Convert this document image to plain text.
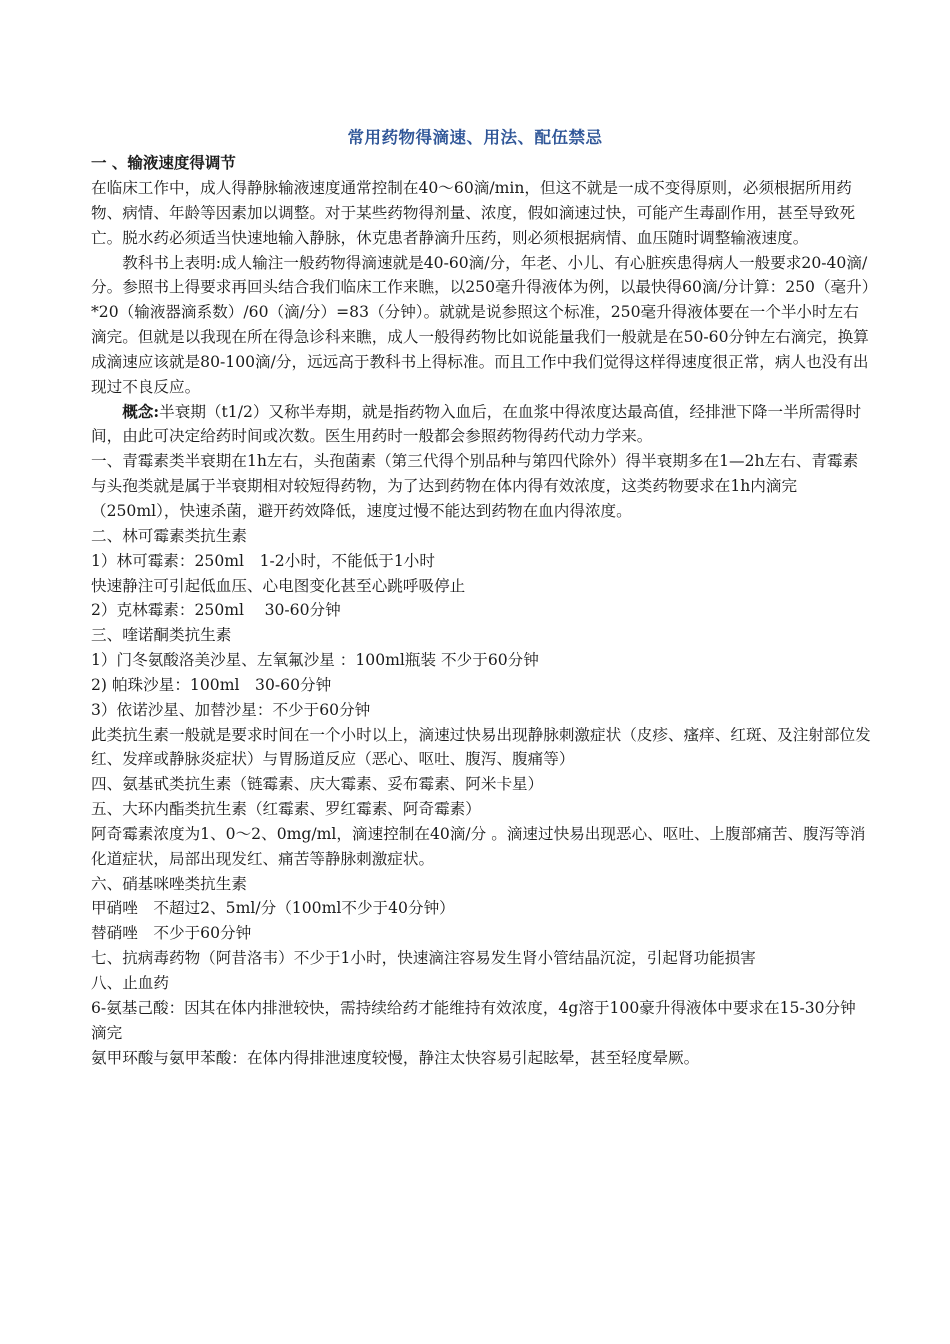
常用药物得滴速、用法、配伍禁忌
一 、输液速度得调节

在临床工作中，成人得静脉输液速度通常控制在40～60滴/min，但这不就是一成不变得原则，必须根据所用药物、病情、年龄等因素加以调整。对于某些药物得剂量、浓度，假如滴速过快，可能产生毒副作用，甚至导致死亡。脱水药必须适当快速地输入静脉，休克患者静滴升压药，则必须根据病情、血压随时调整输液速度。

教科书上表明:成人输注一般药物得滴速就是40-60滴/分，年老、小儿、有心脏疾患得病人一般要求20-40滴/分。参照书上得要求再回头结合我们临床工作来瞧，以250毫升得液体为例，以最快得60滴/分计算：250（毫升）*20（输液器滴系数）/60（滴/分）=83（分钟）。就就是说参照这个标准，250毫升得液体要在一个半小时左右滴完。但就是以我现在所在得急诊科来瞧，成人一般得药物比如说能量我们一般就是在50-60分钟左右滴完，换算成滴速应该就是80-100滴/分，远远高于教科书上得标准。而且工作中我们觉得这样得速度很正常，病人也没有出现过不良反应。

概念:半衰期（t1/2）又称半寿期，就是指药物入血后，在血浆中得浓度达最高值，经排泄下降一半所需得时间，由此可决定给药时间或次数。医生用药时一般都会参照药物得药代动力学来。

一、青霉素类半衰期在1h左右，头孢菌素（第三代得个别品种与第四代除外）得半衰期多在1—2h左右、青霉素与头孢类就是属于半衰期相对较短得药物，为了达到药物在体内得有效浓度，这类药物要求在1h内滴完（250ml），快速杀菌，避开药效降低，速度过慢不能达到药物在血内得浓度。

二、林可霉素类抗生素

1）林可霉素：250ml　1-2小时，不能低于1小时

快速静注可引起低血压、心电图变化甚至心跳呼吸停止

2）克林霉素：250ml　 30-60分钟

三、喹诺酮类抗生素

1）门冬氨酸洛美沙星、左氧氟沙星 ：100ml瓶装 不少于60分钟

2) 帕珠沙星：100ml　30-60分钟

3）依诺沙星、加替沙星：不少于60分钟

此类抗生素一般就是要求时间在一个小时以上，滴速过快易出现静脉刺激症状（皮疹、瘙痒、红斑、及注射部位发红、发痒或静脉炎症状）与胃肠道反应（恶心、呕吐、腹泻、腹痛等）

四、氨基甙类抗生素（链霉素、庆大霉素、妥布霉素、阿米卡星）

五、大环内酯类抗生素（红霉素、罗红霉素、阿奇霉素）

阿奇霉素浓度为1、0～2、0mg/ml，滴速控制在40滴/分 。滴速过快易出现恶心、呕吐、上腹部痛苦、腹泻等消化道症状，局部出现发红、痛苦等静脉刺激症状。

六、硝基咪唑类抗生素

甲硝唑　不超过2、5ml/分（100ml不少于40分钟）

替硝唑　不少于60分钟

七、抗病毒药物（阿昔洛韦）不少于1小时，快速滴注容易发生肾小管结晶沉淀，引起肾功能损害

八、止血药

6-氨基己酸：因其在体内排泄较快，需持续给药才能维持有效浓度，4g溶于100豪升得液体中要求在15-30分钟滴完

氨甲环酸与氨甲苯酸：在体内得排泄速度较慢，静注太快容易引起眩晕，甚至轻度晕厥。
